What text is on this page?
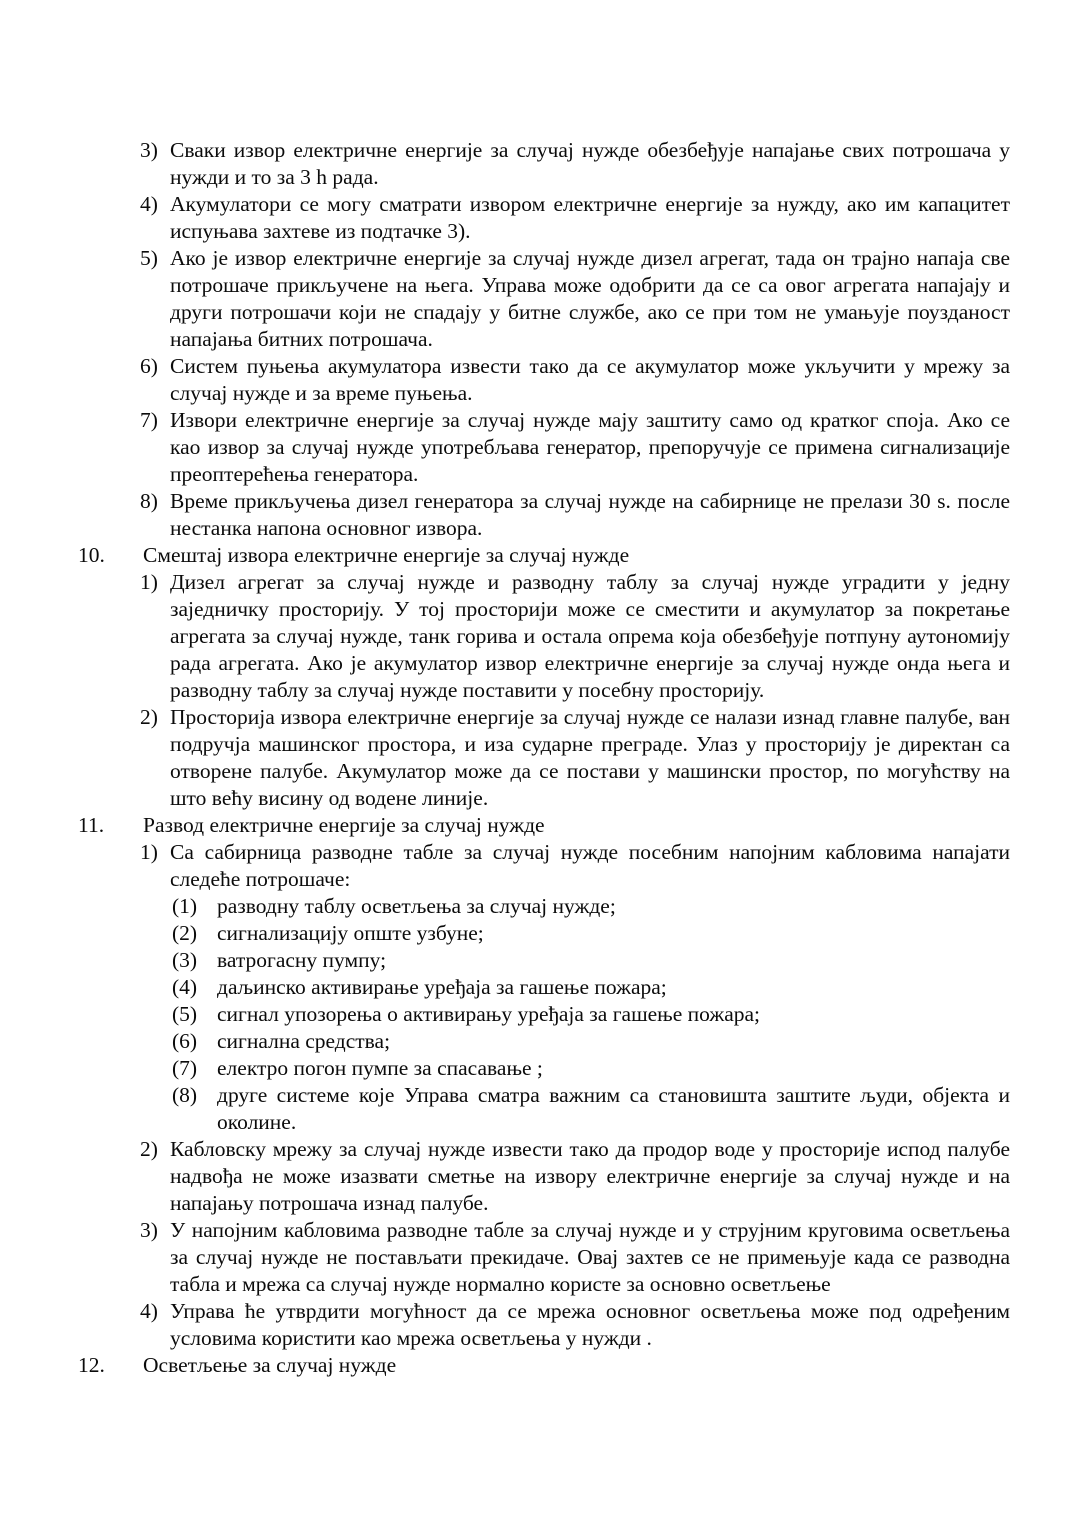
3) Сваки извор електричне енергије за случај нужде обезбеђује напајање свих потрошача у нужди и то за 3 h рада.
4) Акумулатори се могу сматрати извором електричне енергије за нужду, ако им капацитет испуњава захтеве из подтачке 3).
5) Ако је извор електричне енергије за случај нужде дизел агрегат, тада он трајно напаја све потрошаче прикључене на њега. Управа може одобрити да се са овог агрегата напајају и други потрошачи који не спадају у битне службе, ако се при том не умањује поузданост напајања битних потрошача.
6) Систем пуњења акумулатора извести тако да се акумулатор може укључити у мрежу за случај нужде и за време пуњења.
7) Извори електричне енергије за случај нужде мају заштиту само од кратког споја. Ако се као извор за случај нужде употребљава генератор, препоручује се примена сигнализације преоптерећења генератора.
8) Време прикључења дизел генератора за случај нужде на сабирнице не прелази 30 s. после нестанка напона основног извора.
10.	Смештај извора електричне енергије за случај нужде
1) Дизел агрегат за случај нужде и разводну таблу за случај нужде уградити у једну заједничку просторију. У тој просторији може се сместити и акумулатор за покретање агрегата за случај нужде, танк горива и остала опрема која обезбеђује потпуну аутономију рада агрегата. Ако је акумулатор извор електричне енергије за случај нужде онда њега и разводну таблу за случај нужде поставити у посебну просторију.
2) Просторија извора електричне енергије за случај нужде се налази изнад главне палубе, ван подручја машинског простора, и иза сударне преграде. Улаз у просторију је директан са отворене палубе. Акумулатор може да се постави у машински простор, по могућству на што већу висину од водене линије.
11.	Развод електричне енергије за случај нужде
1) Са сабирница разводне табле за случај нужде посебним напојним кабловима напајати следеће потрошаче:
(1) разводну таблу осветљења за случај нужде;
(2) сигнализацију опште узбуне;
(3) ватрогасну пумпу;
(4) даљинско активирање уређаја за гашење пожара;
(5) сигнал упозорења о активирању уређаја за гашење пожара;
(6) сигнална средства;
(7) електро погон пумпе за спасавање ;
(8) друге системе које Управа сматра важним са становишта заштите људи, објекта и околине.
2) Кабловску мрежу за случај нужде извести тако да продор воде у просторије испод палубе надвођа не може изазвати сметње на извору електричне енергије за случај нужде и на напајању потрошача изнад палубе.
3) У напојним кабловима разводне табле за случај нужде и у струјним круговима осветљења за случај нужде не постављати прекидаче. Овај захтев се не примењује када се разводна табла и мрежа са случај нужде нормално користе за основно осветљење
4) Управа ће утврдити могућност да се мрежа основног осветљења може под одређеним условима користити као мрежа осветљења у нужди .
12.	Осветљење за случај нужде
